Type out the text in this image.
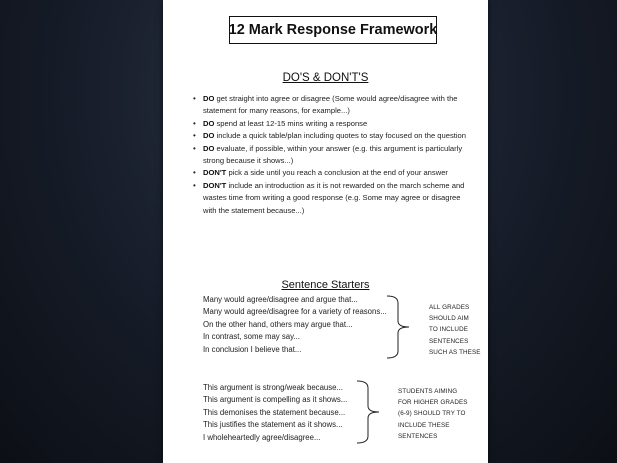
12 Mark Response Framework
DO'S & DON'T'S
• DO get straight into agree or disagree (Some would agree/disagree with the statement for many reasons, for example...)
• DO spend at least 12-15 mins writing a response
• DO include a quick table/plan including quotes to stay focused on the question
• DO evaluate, if possible, within your answer (e.g. this argument is particularly strong because it shows...)
• DON'T pick a side until you reach a conclusion at the end of your answer
• DON'T include an introduction as it is not rewarded on the march scheme and wastes time from writing a good response (e.g. Some may agree or disagree with the statement because...)
Sentence Starters
Many would agree/disagree and argue that...
Many would agree/disagree for a variety of reasons...
On the other hand, others may argue that...
In contrast, some may say...
In conclusion I believe that...
ALL GRADES
SHOULD AIM
TO INCLUDE
SENTENCES
SUCH AS THESE
This argument is strong/weak because...
This argument is compelling as it shows...
This demonises the statement because...
This justifies the statement as it shows...
I wholeheartedly agree/disagree...
STUDENTS AIMING
FOR HIGHER GRADES
(6-9) SHOULD TRY TO
INCLUDE THESE
SENTENCES
